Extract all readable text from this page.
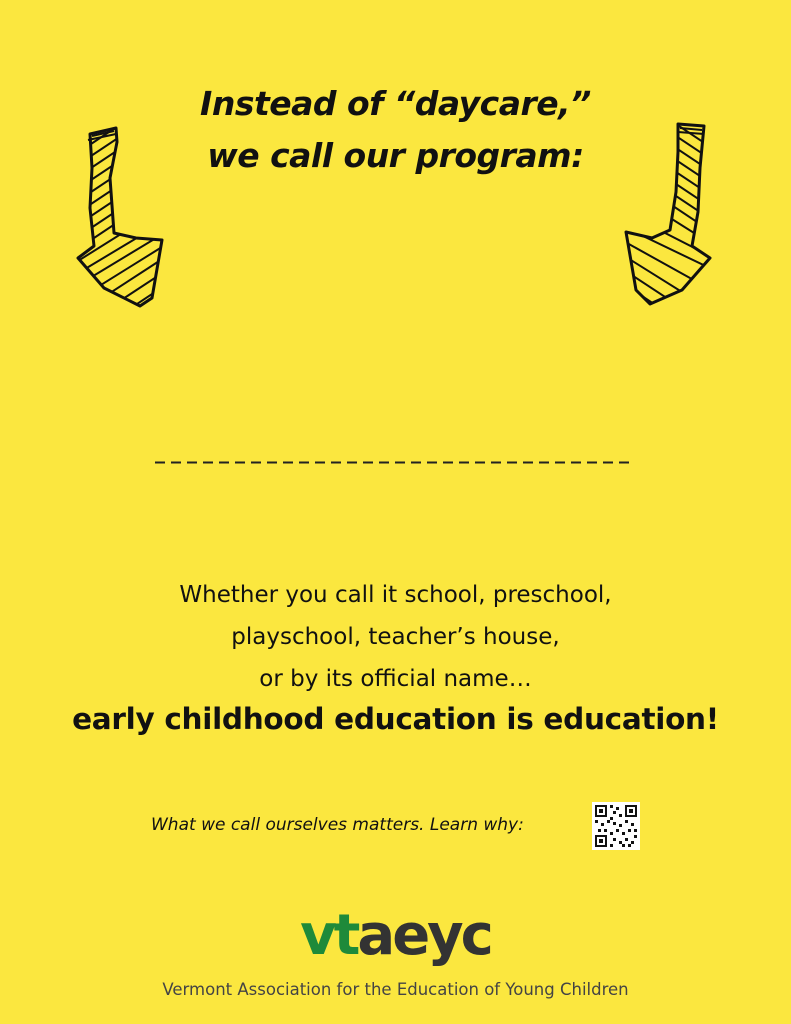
Instead of “daycare,”
we call our program:
Whether you call it school, preschool,
playschool, teacher’s house,
or by its official name…
early childhood education is education!
What we call ourselves matters. Learn why:
vtaeyc
Vermont Association for the Education of Young Children
